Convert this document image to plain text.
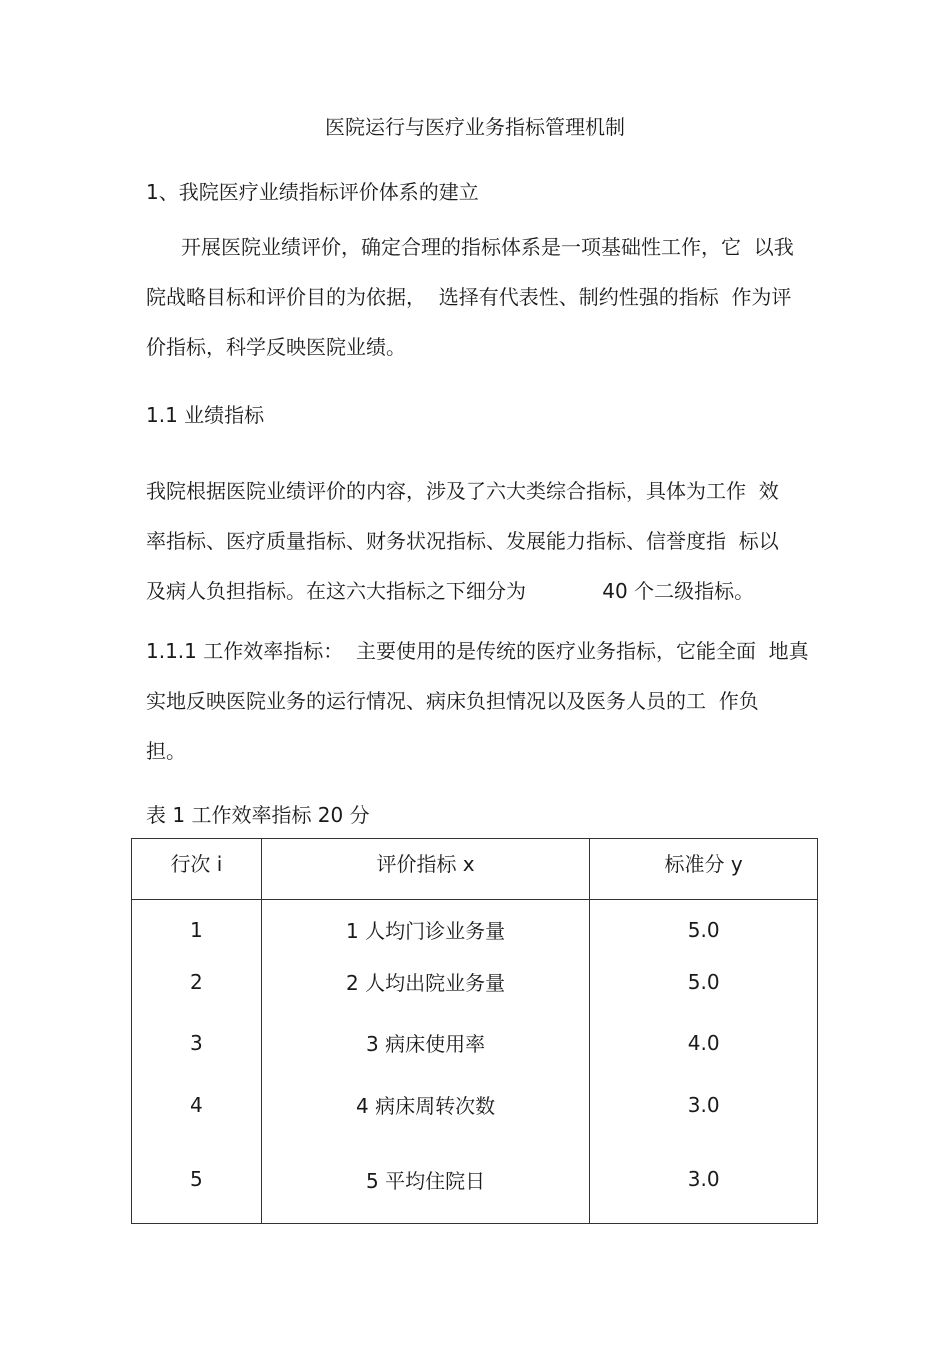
医院运行与医疗业务指标管理机制
1、我院医疗业绩指标评价体系的建立
开展医院业绩评价，确定合理的指标体系是一项基础性工作，它  以我
院战略目标和评价目的为依据，  选择有代表性、制约性强的指标  作为评
价指标，科学反映医院业绩。
1.1 业绩指标
我院根据医院业绩评价的内容，涉及了六大类综合指标，具体为工作  效
率指标、医疗质量指标、财务状况指标、发展能力指标、信誉度指  标以
及病人负担指标。在这六大指标之下细分为            40 个二级指标。
1.1.1 工作效率指标：  主要使用的是传统的医疗业务指标，它能全面  地真
实地反映医院业务的运行情况、病床负担情况以及医务人员的工  作负
担。
表 1 工作效率指标 20 分
行次 i	评价指标 x	标准分 y
1	1 人均门诊业务量	5.0
2	2 人均出院业务量	5.0
3	3 病床使用率	4.0
4	4 病床周转次数	3.0
5	5 平均住院日	3.0
